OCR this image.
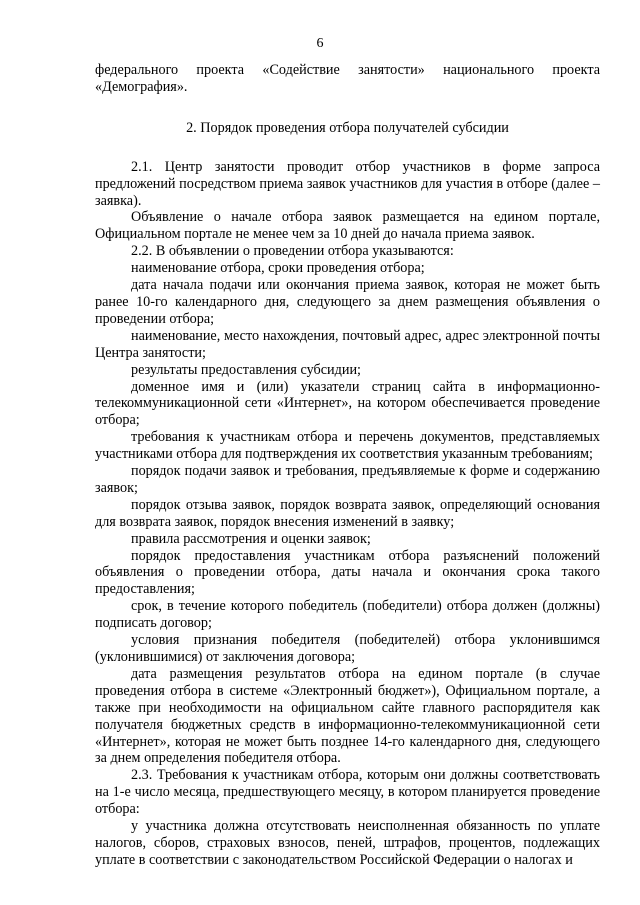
6
федерального проекта «Содействие занятости» национального проекта
«Демография».
2. Порядок проведения отбора получателей субсидии
2.1. Центр занятости проводит отбор участников в форме запроса
предложений посредством приема заявок участников для участия в отборе (далее –
заявка).
Объявление о начале отбора заявок размещается на едином портале,
Официальном портале не менее чем за 10 дней до начала приема заявок.
2.2. В объявлении о проведении отбора указываются:
наименование отбора, сроки проведения отбора;
дата начала подачи или окончания приема заявок, которая не может быть
ранее 10-го календарного дня, следующего за днем размещения объявления о
проведении отбора;
наименование, место нахождения, почтовый адрес, адрес электронной почты
Центра занятости;
результаты предоставления субсидии;
доменное имя и (или) указатели страниц сайта в информационно-
телекоммуникационной сети «Интернет», на котором обеспечивается проведение
отбора;
требования к участникам отбора и перечень документов, представляемых
участниками отбора для подтверждения их соответствия указанным требованиям;
порядок подачи заявок и требования, предъявляемые к форме и содержанию
заявок;
порядок отзыва заявок, порядок возврата заявок, определяющий основания
для возврата заявок, порядок внесения изменений в заявку;
правила рассмотрения и оценки заявок;
порядок предоставления участникам отбора разъяснений положений
объявления о проведении отбора, даты начала и окончания срока такого
предоставления;
срок, в течение которого победитель (победители) отбора должен (должны)
подписать договор;
условия признания победителя (победителей) отбора уклонившимся
(уклонившимися) от заключения договора;
дата размещения результатов отбора на едином портале (в случае
проведения отбора в системе «Электронный бюджет»), Официальном портале, а
также при необходимости на официальном сайте главного распорядителя как
получателя бюджетных средств в информационно-телекоммуникационной сети
«Интернет», которая не может быть позднее 14-го календарного дня, следующего
за днем определения победителя отбора.
2.3. Требования к участникам отбора, которым они должны соответствовать
на 1-е число месяца, предшествующего месяцу, в котором планируется проведение
отбора:
у участника должна отсутствовать неисполненная обязанность по уплате
налогов, сборов, страховых взносов, пеней, штрафов, процентов, подлежащих
уплате в соответствии с законодательством Российской Федерации о налогах и
